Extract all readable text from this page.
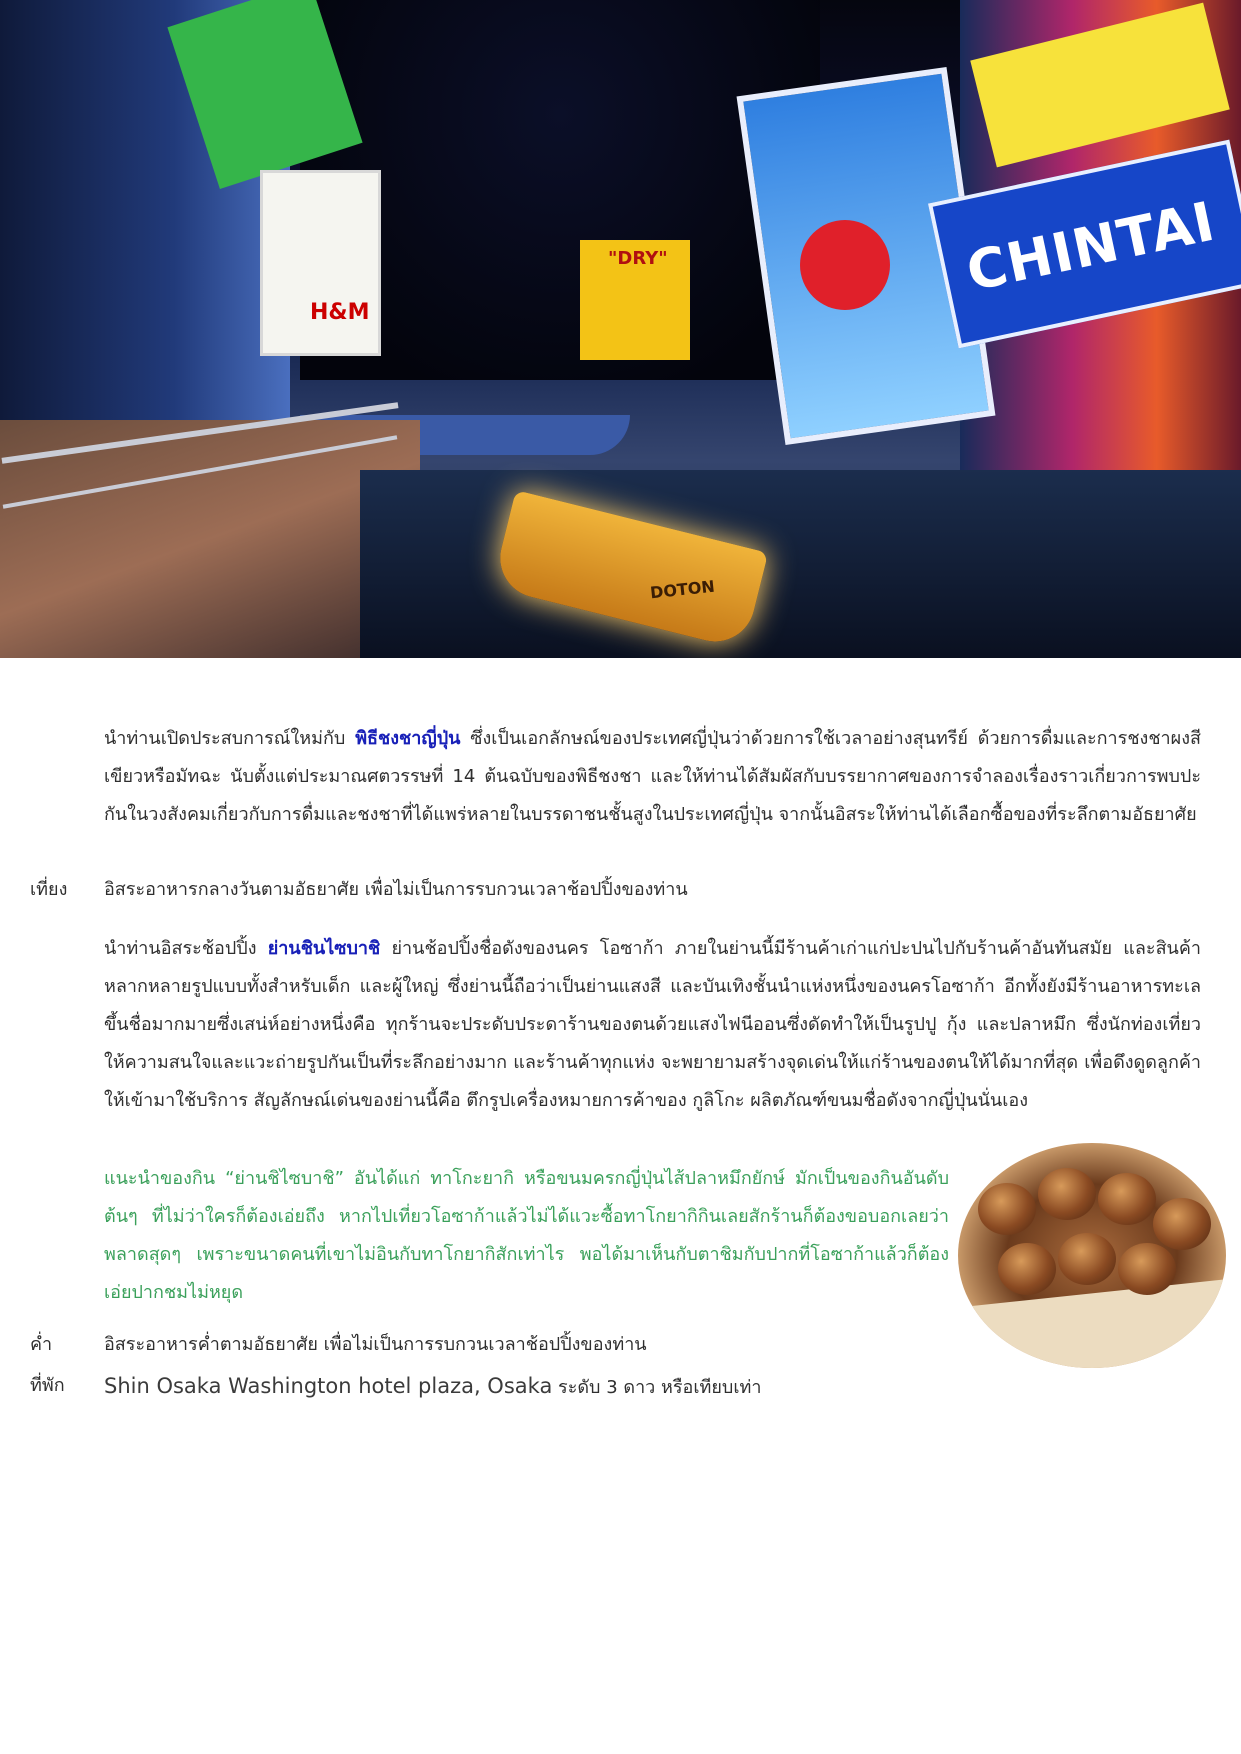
H&M
"DRY"	CHINTAI
DOTON

นำท่านเปิดประสบการณ์ใหม่กับ พิธีชงชาญี่ปุ่น ซึ่งเป็นเอกลักษณ์ของประเทศญี่ปุ่นว่าด้วยการใช้เวลาอย่างสุนทรีย์ ด้วยการดื่มและการชงชาผงสีเขียวหรือมัทฉะ นับตั้งแต่ประมาณศตวรรษที่ 14 ต้นฉบับของพิธีชงชา และให้ท่านได้สัมผัสกับบรรยากาศของการจำลองเรื่องราวเกี่ยวการพบปะกันในวงสังคมเกี่ยวกับการดื่มและชงชาที่ได้แพร่หลายในบรรดาชนชั้นสูงในประเทศญี่ปุ่น จากนั้นอิสระให้ท่านได้เลือกซื้อของที่ระลึกตามอัธยาศัย

เที่ยง อิสระอาหารกลางวันตามอัธยาศัย เพื่อไม่เป็นการรบกวนเวลาช้อปปิ้งของท่าน

นำท่านอิสระช้อปปิ้ง ย่านชินไซบาชิ ย่านช้อปปิ้งชื่อดังของนคร โอซาก้า ภายในย่านนี้มีร้านค้าเก่าแก่ปะปนไปกับร้านค้าอันทันสมัย และสินค้าหลากหลายรูปแบบทั้งสำหรับเด็ก และผู้ใหญ่ ซึ่งย่านนี้ถือว่าเป็นย่านแสงสี และบันเทิงชั้นนำแห่งหนึ่งของนครโอซาก้า อีกทั้งยังมีร้านอาหารทะเลขึ้นชื่อมากมายซึ่งเสน่ห์อย่างหนึ่งคือ ทุกร้านจะประดับประดาร้านของตนด้วยแสงไฟนีออนซึ่งดัดทำให้เป็นรูปปู กุ้ง และปลาหมึก ซึ่งนักท่องเที่ยวให้ความสนใจและแวะถ่ายรูปกันเป็นที่ระลึกอย่างมาก และร้านค้าทุกแห่ง จะพยายามสร้างจุดเด่นให้แก่ร้านของตนให้ได้มากที่สุด เพื่อดึงดูดลูกค้าให้เข้ามาใช้บริการ สัญลักษณ์เด่นของย่านนี้คือ ตึกรูปเครื่องหมายการค้าของ กูลิโกะ ผลิตภัณฑ์ขนมชื่อดังจากญี่ปุ่นนั่นเอง

แนะนำของกิน “ย่านชิไซบาชิ” อันได้แก่ ทาโกะยากิ หรือขนมครกญี่ปุ่นไส้ปลาหมึกยักษ์ มักเป็นของกินอันดับต้นๆ ที่ไม่ว่าใครก็ต้องเอ่ยถึง หากไปเที่ยวโอซาก้าแล้วไม่ได้แวะซื้อทาโกยากิกินเลยสักร้านก็ต้องขอบอกเลยว่าพลาดสุดๆ เพราะขนาดคนที่เขาไม่อินกับทาโกยากิสักเท่าไร พอได้มาเห็นกับตาชิมกับปากที่โอซาก้าแล้วก็ต้องเอ่ยปากชมไม่หยุด

ค่ำ	อิสระอาหารค่ำตามอัธยาศัย เพื่อไม่เป็นการรบกวนเวลาช้อปปิ้งของท่าน
ที่พัก Shin Osaka Washington hotel plaza, Osaka ระดับ 3 ดาว หรือเทียบเท่า
